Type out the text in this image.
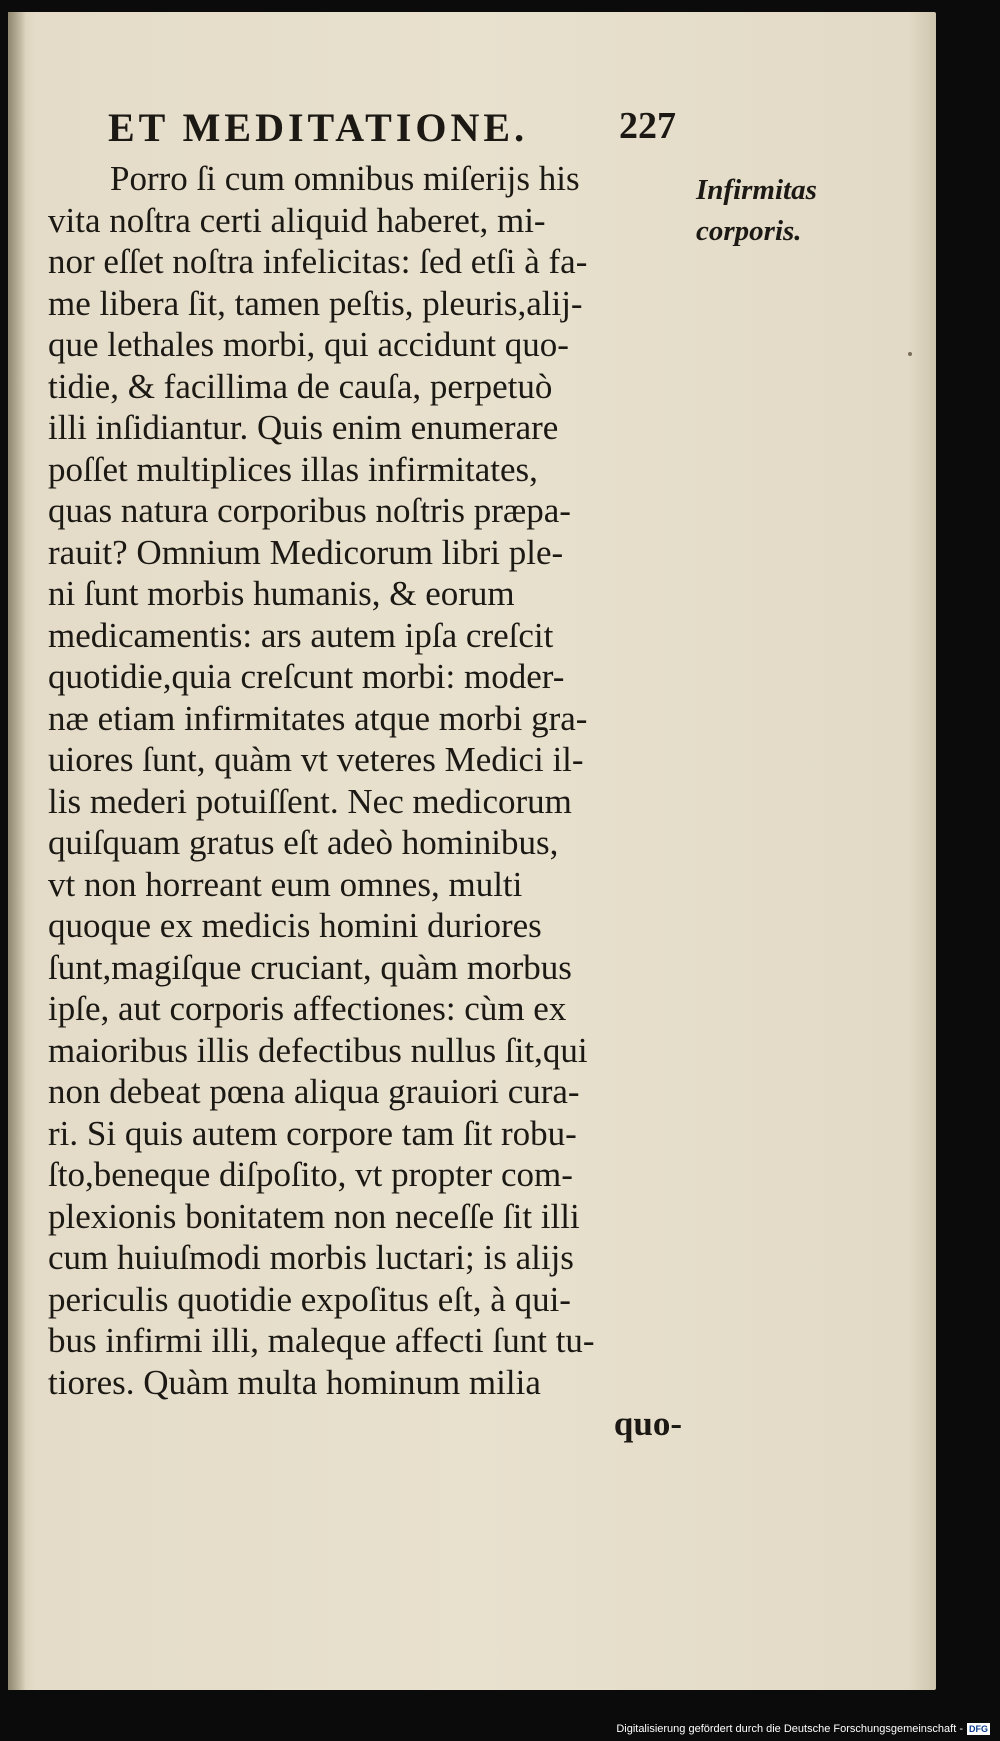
ET MEDITATIONE. 227
Infirmitas
corporis.
Porro ſi cum omnibus miſerijs his
vita noſtra certi aliquid haberet, mi-
nor eſſet noſtra infelicitas: ſed etſi à fa-
me libera ſit, tamen peſtis, pleuris,alij-
que lethales morbi, qui accidunt quo-
tidie, & facillima de cauſa, perpetuò
illi inſidiantur. Quis enim enumerare
poſſet multiplices illas infirmitates,
quas natura corporibus noſtris præpa-
rauit? Omnium Medicorum libri ple-
ni ſunt morbis humanis, & eorum
medicamentis: ars autem ipſa creſcit
quotidie,quia creſcunt morbi: moder-
næ etiam infirmitates atque morbi gra-
uiores ſunt, quàm vt veteres Medici il-
lis mederi potuiſſent. Nec medicorum
quiſquam gratus eſt adeò hominibus,
vt non horreant eum omnes, multi
quoque ex medicis homini duriores
ſunt,magiſque cruciant, quàm morbus
ipſe, aut corporis affectiones: cùm ex
maioribus illis defectibus nullus ſit,qui
non debeat pœna aliqua grauiori cura-
ri. Si quis autem corpore tam ſit robu-
ſto,beneque diſpoſito, vt propter com-
plexionis bonitatem non neceſſe ſit illi
cum huiuſmodi morbis luctari; is alijs
periculis quotidie expoſitus eſt, à qui-
bus infirmi illi, maleque affecti ſunt tu-
tiores. Quàm multa hominum milia
quo-
Digitalisierung gefördert durch die Deutsche Forschungsgemeinschaft - DFG
